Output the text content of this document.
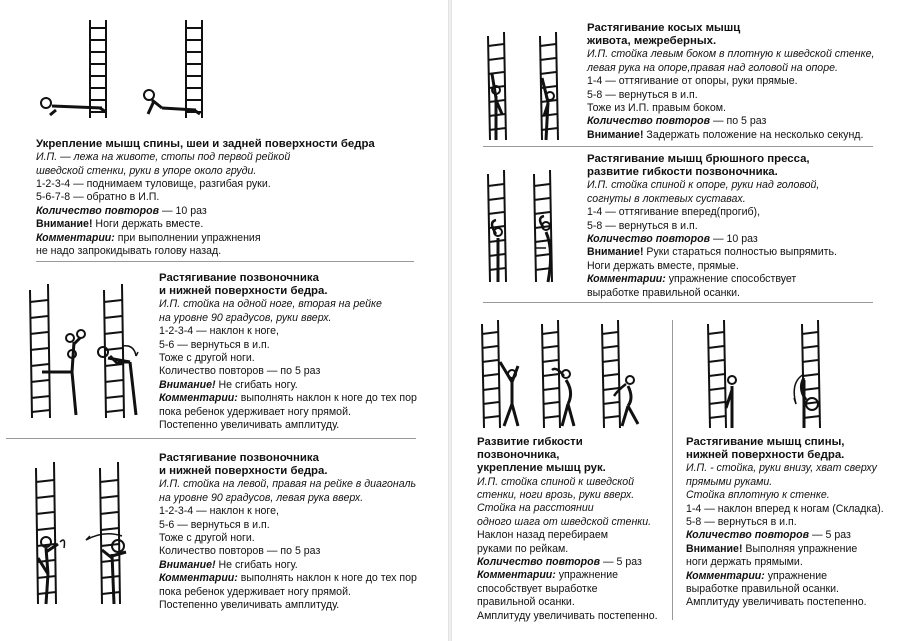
Укрепление мышц спины, шеи и задней поверхности бедра
И.П. — лежа на животе, стопы под первой рейкой
шведской стенки, руки в упоре около груди.
1-2-3-4 — поднимаем туловище, разгибая руки.
5-6-7-8 — обратно в И.П.
Количество повторов — 10 раз
Внимание! Ноги держать вместе.
Комментарии: при выполнении упражнения
не надо запрокидывать голову назад.
Растягивание позвоночника
и нижней поверхности бедра.
И.П. стойка на одной ноге, вторая на рейке
на уровне 90 градусов, руки вверх.
1-2-3-4 — наклон к ноге,
5-6 — вернуться в и.п.
Тоже с другой ноги.
Количество повторов — по 5 раз
Внимание! Не сгибать ногу.
Комментарии: выполнять наклон к ноге до тех пор
пока ребенок удерживает ногу прямой.
Постепенно увеличивать амплитуду.
Растягивание позвоночника
и нижней поверхности бедра.
И.П. стойка на левой, правая на рейке в диагональ
на уровне 90 градусов, левая рука вверх.
1-2-3-4 — наклон к ноге,
5-6 — вернуться в и.п.
Тоже с другой ноги.
Количество повторов — по 5 раз
Внимание! Не сгибать ногу.
Комментарии: выполнять наклон к ноге до тех пор
пока ребенок удерживает ногу прямой.
Постепенно увеличивать амплитуду.
Растягивание косых мышц
живота, межреберных.
И.П. стойка левым боком в плотную к шведской стенке,
левая рука на опоре,правая над головой на опоре.
1-4 — оттягивание от опоры, руки прямые.
5-8 — вернуться в и.п.
Тоже из И.П. правым боком.
Количество повторов — по 5 раз
Внимание! Задержать положение на несколько секунд.
Растягивание мышц брюшного пресса,
развитие гибкости позвоночника.
И.П. стойка спиной к опоре, руки над головой,
согнуты в локтевых суставах.
1-4 — оттягивание вперед(прогиб),
5-8 — вернуться в и.п.
Количество повторов — 10 раз
Внимание! Руки стараться полностью выпрямить.
Ноги держать вместе, прямые.
Комментарии: упражнение способствует
выработке правильной осанки.
Развитие гибкости
позвоночника,
укрепление мышц рук.
И.П. стойка спиной к шведской
стенки, ноги врозь, руки вверх.
Стойка на расстоянии
одного шага от шведской стенки.
Наклон назад перебираем
руками по рейкам.
Количество повторов — 5 раз
Комментарии: упражнение
способствует выработке
правильной осанки.
Амплитуду увеличивать постепенно.
Растягивание мышц спины,
нижней поверхности бедра.
И.П. - стойка, руки внизу, хват сверху
прямыми руками.
Стойка вплотную к стенке.
1-4 — наклон вперед к ногам (Складка).
5-8 — вернуться в и.п.
Количество повторов — 5 раз
Внимание! Выполняя упражнение
ноги держать прямыми.
Комментарии: упражнение
выработке правильной осанки.
Амплитуду увеличивать постепенно.
